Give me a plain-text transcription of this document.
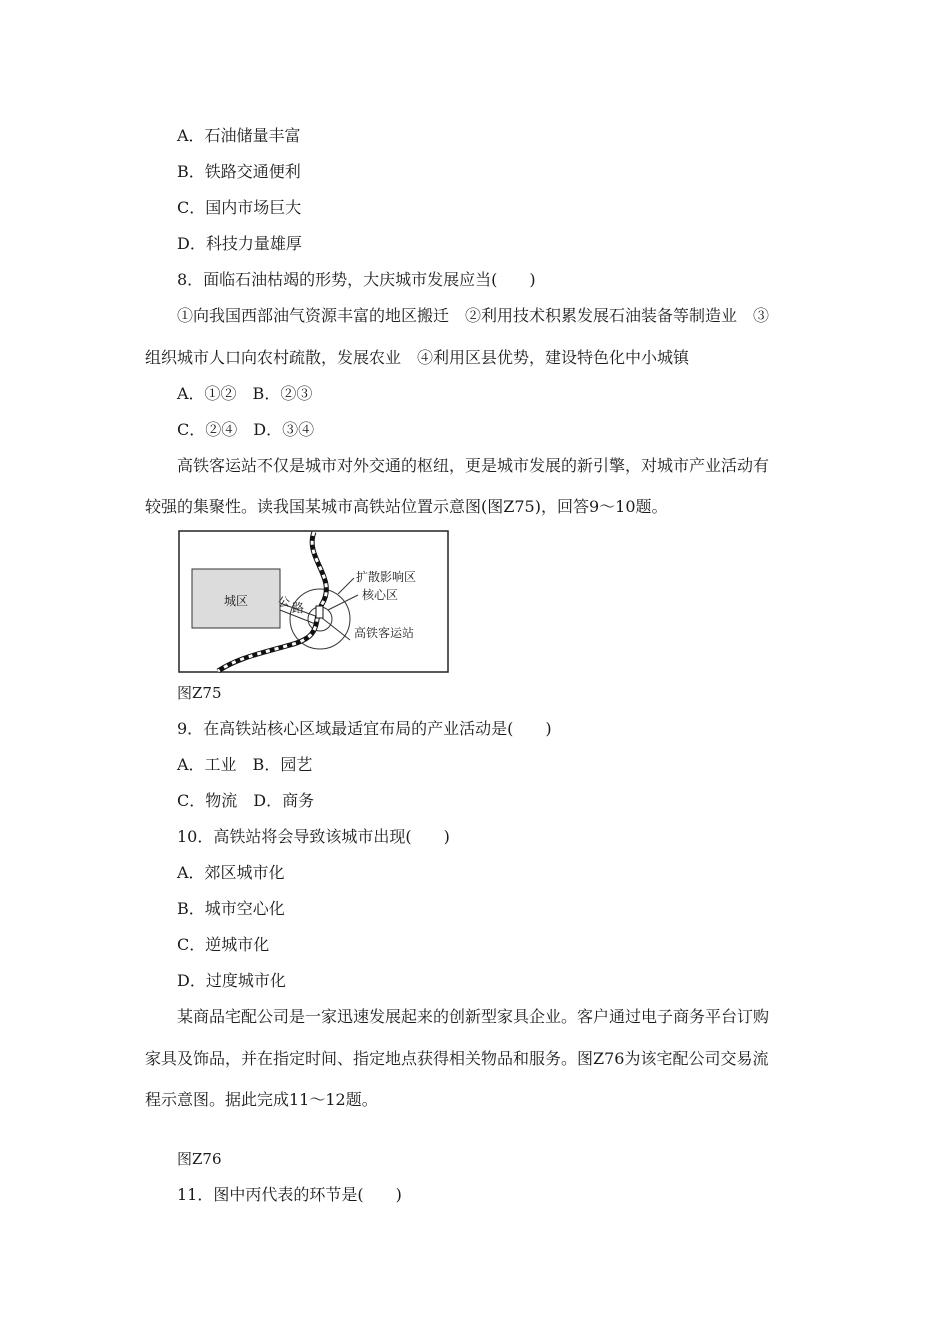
A．石油储量丰富
B．铁路交通便利
C．国内市场巨大
D．科技力量雄厚
8．面临石油枯竭的形势，大庆城市发展应当(　　)
①向我国西部油气资源丰富的地区搬迁　②利用技术积累发展石油装备等制造业　③
组织城市人口向农村疏散，发展农业　④利用区县优势，建设特色化中小城镇
A．①②　B．②③
C．②④　D．③④
高铁客运站不仅是城市对外交通的枢纽，更是城市发展的新引擎，对城市产业活动有
较强的集聚性。读我国某城市高铁站位置示意图(图Z75)，回答9～10题。
城区 公 路
扩散影响区
核心区
高铁客运站
图Z75
9．在高铁站核心区域最适宜布局的产业活动是(　　)
A．工业　B．园艺
C．物流　D．商务
10．高铁站将会导致该城市出现(　　)
A．郊区城市化
B．城市空心化
C．逆城市化
D．过度城市化
某商品宅配公司是一家迅速发展起来的创新型家具企业。客户通过电子商务平台订购
家具及饰品，并在指定时间、指定地点获得相关物品和服务。图Z76为该宅配公司交易流
程示意图。据此完成11～12题。
图Z76
11．图中丙代表的环节是(　　)
